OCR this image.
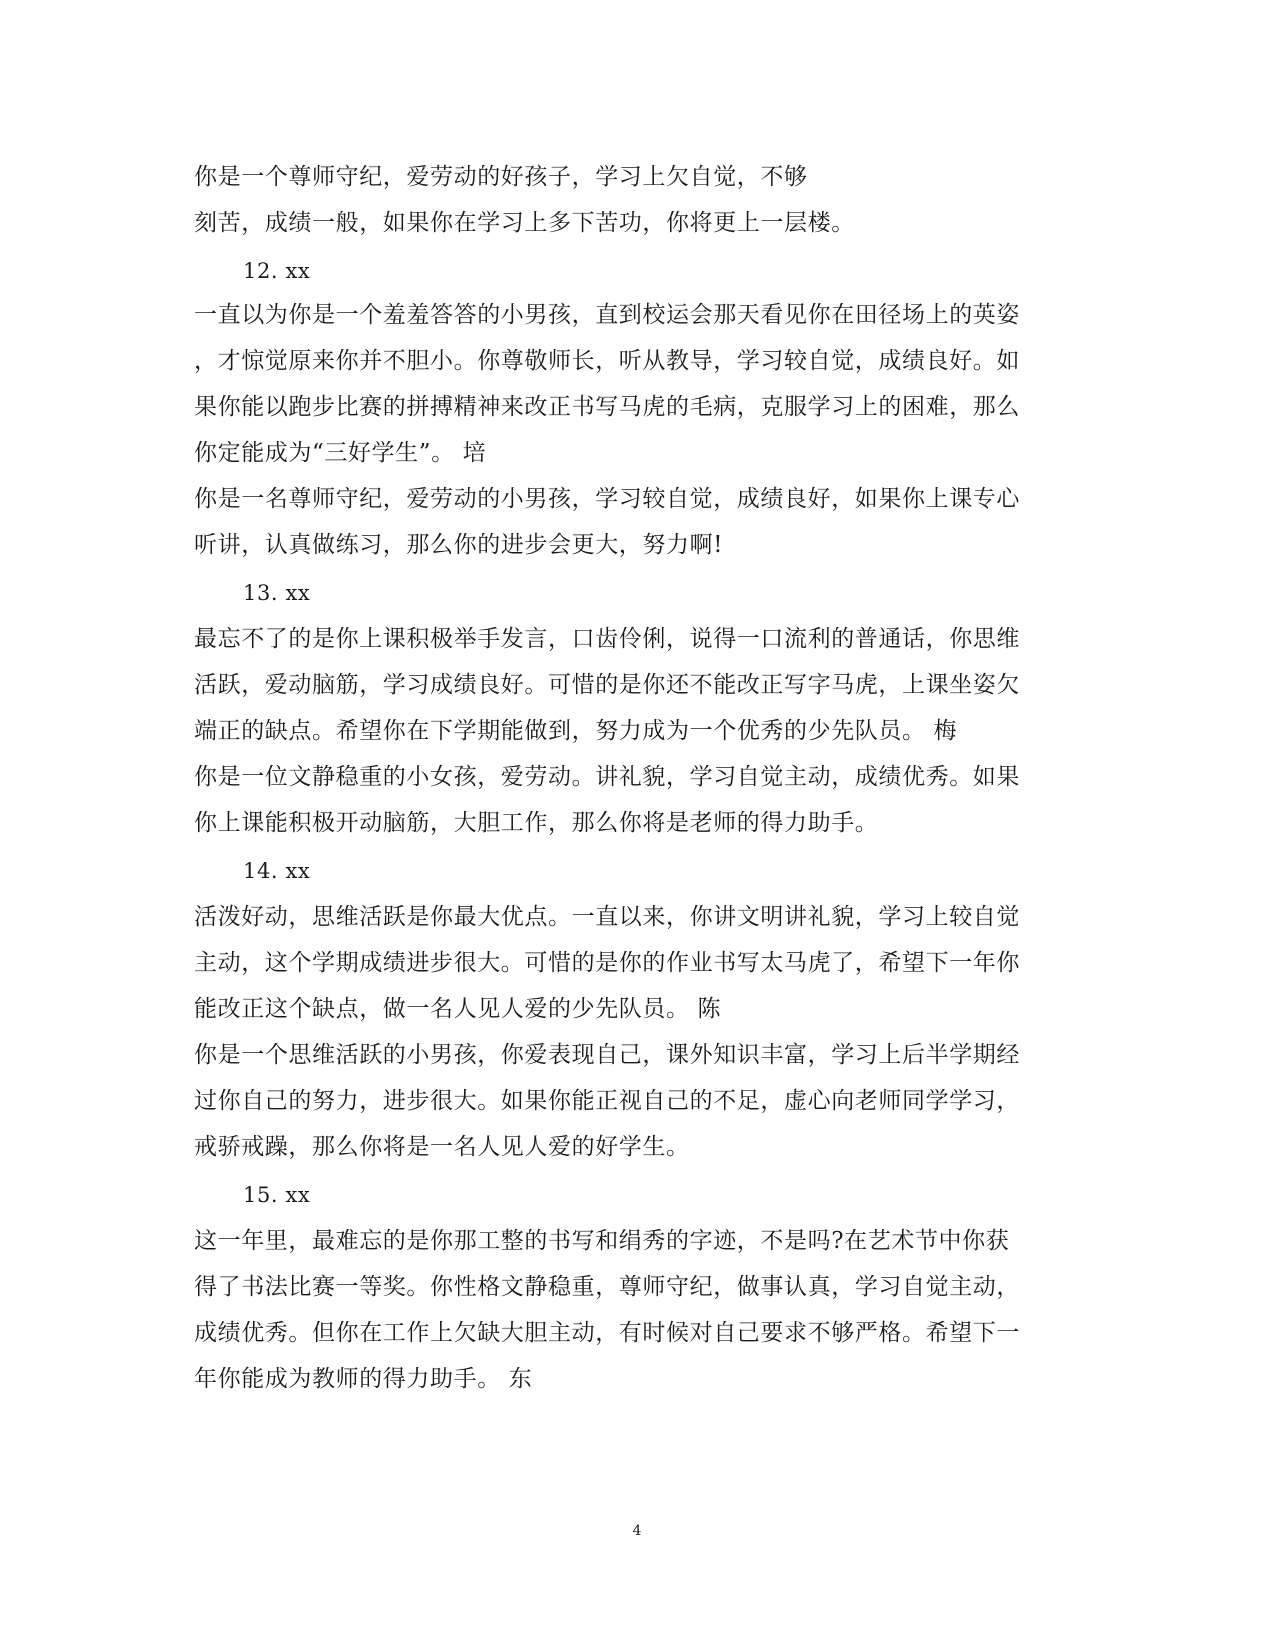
你是一个尊师守纪，爱劳动的好孩子，学习上欠自觉，不够
刻苦，成绩一般，如果你在学习上多下苦功，你将更上一层楼。
12. xx
一直以为你是一个羞羞答答的小男孩，直到校运会那天看见你在田径场上的英姿
，才惊觉原来你并不胆小。你尊敬师长，听从教导，学习较自觉，成绩良好。如
果你能以跑步比赛的拼搏精神来改正书写马虎的毛病，克服学习上的困难，那么
你定能成为“三好学生”。 培
你是一名尊师守纪，爱劳动的小男孩，学习较自觉，成绩良好，如果你上课专心
听讲，认真做练习，那么你的进步会更大，努力啊!
13. xx
最忘不了的是你上课积极举手发言，口齿伶俐，说得一口流利的普通话，你思维
活跃，爱动脑筋，学习成绩良好。可惜的是你还不能改正写字马虎，上课坐姿欠
端正的缺点。希望你在下学期能做到，努力成为一个优秀的少先队员。 梅
你是一位文静稳重的小女孩，爱劳动。讲礼貌，学习自觉主动，成绩优秀。如果
你上课能积极开动脑筋，大胆工作，那么你将是老师的得力助手。
14. xx
活泼好动，思维活跃是你最大优点。一直以来，你讲文明讲礼貌，学习上较自觉
主动，这个学期成绩进步很大。可惜的是你的作业书写太马虎了，希望下一年你
能改正这个缺点，做一名人见人爱的少先队员。 陈
你是一个思维活跃的小男孩，你爱表现自己，课外知识丰富，学习上后半学期经
过你自己的努力，进步很大。如果你能正视自己的不足，虚心向老师同学学习，
戒骄戒躁，那么你将是一名人见人爱的好学生。
15. xx
这一年里，最难忘的是你那工整的书写和绢秀的字迹，不是吗?在艺术节中你获
得了书法比赛一等奖。你性格文静稳重，尊师守纪，做事认真，学习自觉主动，
成绩优秀。但你在工作上欠缺大胆主动，有时候对自己要求不够严格。希望下一
年你能成为教师的得力助手。 东
4
